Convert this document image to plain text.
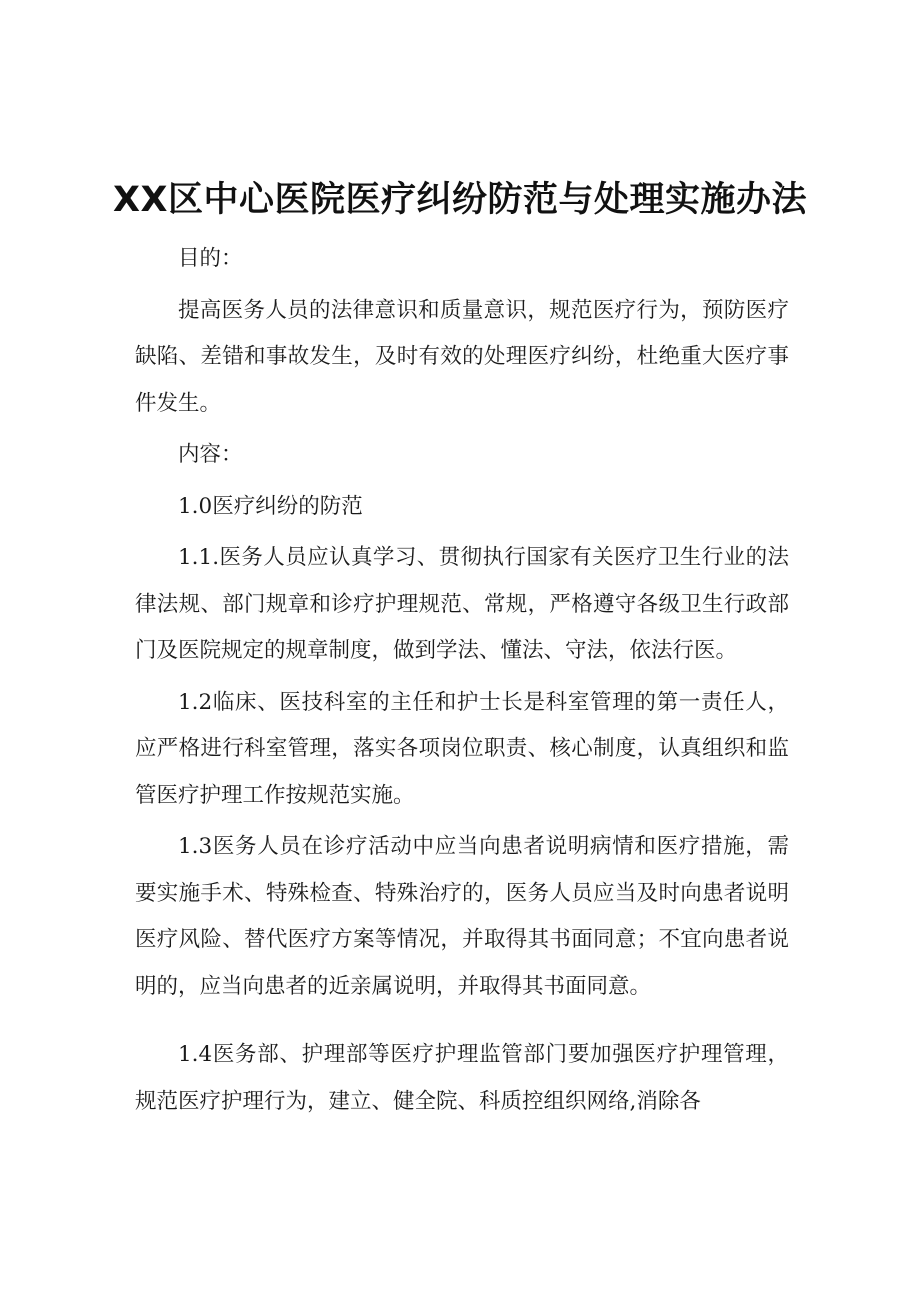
XX区中心医院医疗纠纷防范与处理实施办法

目的：

提高医务人员的法律意识和质量意识，规范医疗行为，预防医疗缺陷、差错和事故发生，及时有效的处理医疗纠纷，杜绝重大医疗事件发生。

内容：

1.0医疗纠纷的防范

1.1.医务人员应认真学习、贯彻执行国家有关医疗卫生行业的法律法规、部门规章和诊疗护理规范、常规，严格遵守各级卫生行政部门及医院规定的规章制度，做到学法、懂法、守法，依法行医。

1.2临床、医技科室的主任和护士长是科室管理的第一责任人，应严格进行科室管理，落实各项岗位职责、核心制度，认真组织和监管医疗护理工作按规范实施。

1.3医务人员在诊疗活动中应当向患者说明病情和医疗措施，需要实施手术、特殊检查、特殊治疗的，医务人员应当及时向患者说明医疗风险、替代医疗方案等情况，并取得其书面同意；不宜向患者说明的，应当向患者的近亲属说明，并取得其书面同意。

1.4医务部、护理部等医疗护理监管部门要加强医疗护理管理，规范医疗护理行为，建立、健全院、科质控组织网络,消除各
